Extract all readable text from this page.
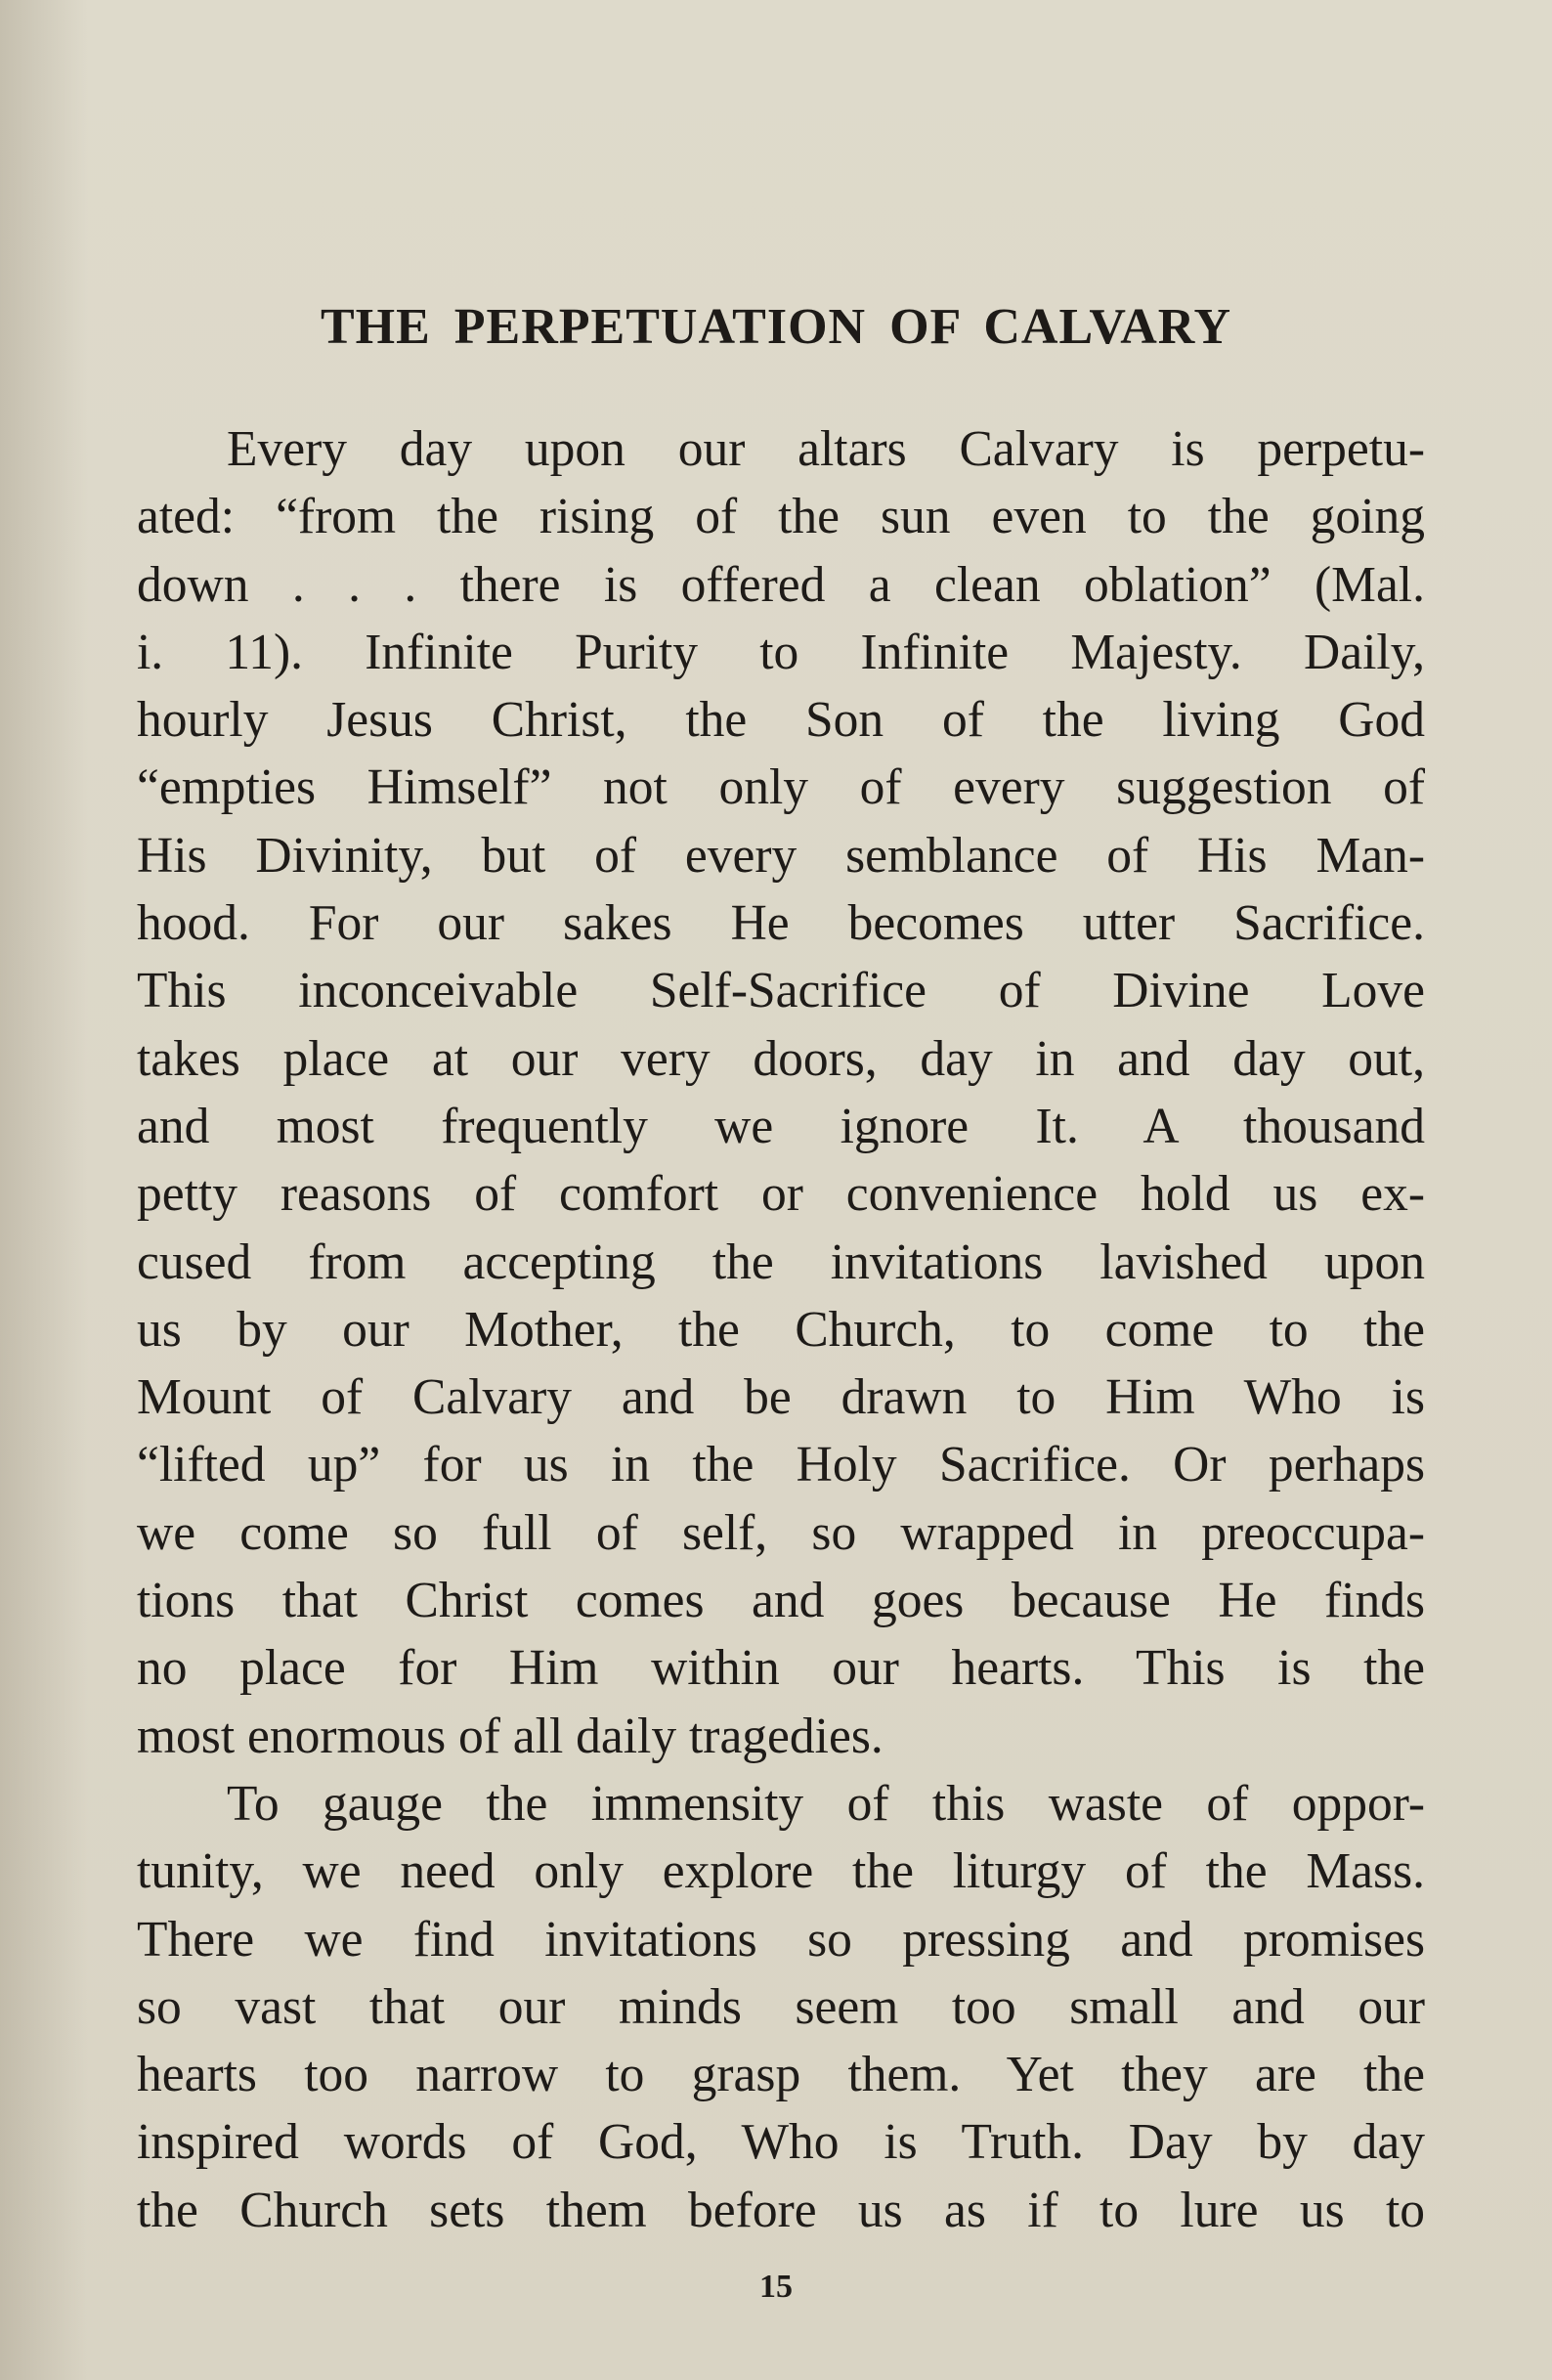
THE PERPETUATION OF CALVARY

Every day upon our altars Calvary is perpetu-
ated: “from the rising of the sun even to the going
down . . . there is offered a clean oblation” (Mal.
i. 11). Infinite Purity to Infinite Majesty. Daily,
hourly Jesus Christ, the Son of the living God
“empties Himself” not only of every suggestion of
His Divinity, but of every semblance of His Man-
hood. For our sakes He becomes utter Sacrifice.
This inconceivable Self-Sacrifice of Divine Love
takes place at our very doors, day in and day out,
and most frequently we ignore It. A thousand
petty reasons of comfort or convenience hold us ex-
cused from accepting the invitations lavished upon
us by our Mother, the Church, to come to the
Mount of Calvary and be drawn to Him Who is
“lifted up” for us in the Holy Sacrifice. Or perhaps
we come so full of self, so wrapped in preoccupa-
tions that Christ comes and goes because He finds
no place for Him within our hearts. This is the
most enormous of all daily tragedies.

To gauge the immensity of this waste of oppor-
tunity, we need only explore the liturgy of the Mass.
There we find invitations so pressing and promises
so vast that our minds seem too small and our
hearts too narrow to grasp them. Yet they are the
inspired words of God, Who is Truth. Day by day
the Church sets them before us as if to lure us to

15
